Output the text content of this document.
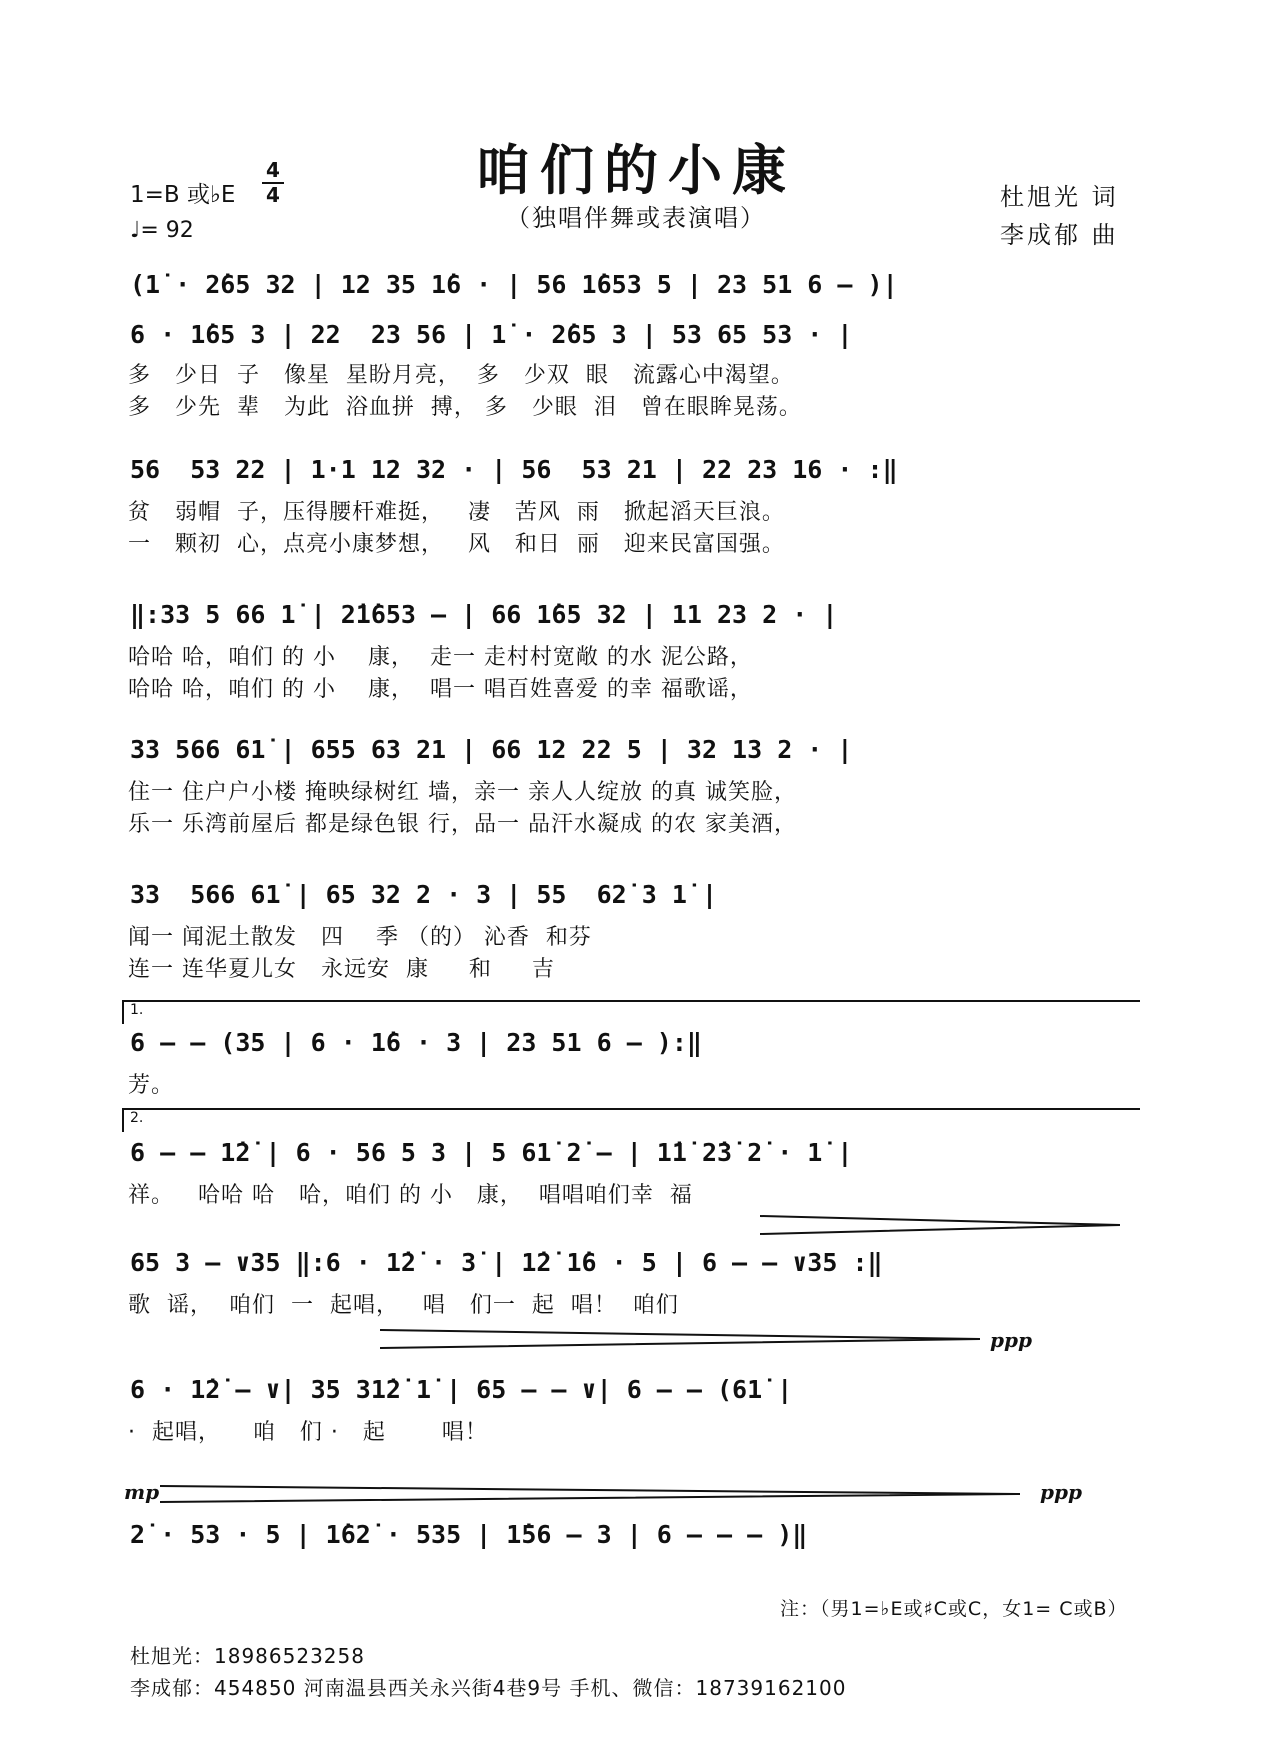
咱们的小康
（独唱伴舞或表演唱）
1=B 或♭E
4
4
♩= 92
杜旭光 词
李成郁 曲
(1̇ · 2̇65 32 | 12 35 1̇6 · | 56 1̇653 5 | 23 51 6 – )|
6 · 1̇65 3 | 22  23 56 | 1̇ · 2̇65 3 | 53 65 53 · |
多   少日  子   像星  星盼月亮，  多   少双  眼   流露心中渴望。
多   少先  辈   为此  浴血拼  搏， 多   少眼  泪   曾在眼眸晃荡。
56  53 22 | 1·1 12 32 · | 56  53 21 | 22 23 16 · :‖
贫   弱帽  子，压得腰杆难挺，   凄   苦风  雨   掀起滔天巨浪。
一   颗初  心，点亮小康梦想，   风   和日  丽   迎来民富国强。
‖:33 5 66 1̇ | 2̇1̇653 – | 66 1̇65 32 | 11 23 2 · |
哈哈 哈，咱们 的 小    康，  走一 走村村宽敞 的水 泥公路，
哈哈 哈，咱们 的 小    康，  唱一 唱百姓喜爱 的幸 福歌谣，
33 566 61̇ | 655 63 21 | 66 12 22 5 | 32 13 2 · |
住一 住户户小楼 掩映绿树红 墙，亲一 亲人人绽放 的真 诚笑脸，
乐一 乐湾前屋后 都是绿色银 行，品一 品汗水凝成 的农 家美酒，
33  566 61̇ | 65 32 2 · 3 | 55  62̇ 3 1̇ |
闻一 闻泥土散发   四    季 （的） 沁香  和芬
连一 连华夏儿女   永远安  康     和     吉
1.
6 – – (35 | 6 · 1̇6 · 3 | 23 51 6 – ):‖
芳。
2.
6 – – 1̇2̇ | 6 · 56 5 3 | 5 61̇ 2̇ – | 1̇1̇ 2̇3̇ 2̇ · 1̇ |
祥。   哈哈 哈   哈，咱们 的 小   康，  唱唱咱们幸  福
65 3 – ∨35 ‖:6 · 1̇2̇ · 3̇ | 1̇2̇ 1̇6 · 5 | 6 – – ∨35 :‖
歌  谣，  咱们  一  起唱，   唱   们一  起  唱！  咱们
ppp
6 · 1̇2̇ – ∨| 35 31̇2̇ 1̇ | 65 – – ∨| 6 – – (61̇ |
·  起唱，    咱   们 ·   起       唱！
mp	ppp
2̇ · 53 · 5 | 1̇62̇ · 535 | 1̇56 – 3 | 6 – – – )‖
注：（男1=♭E或♯C或C，女1= C或B）
杜旭光：18986523258
李成郁：454850 河南温县西关永兴街4巷9号 手机、微信：18739162100
